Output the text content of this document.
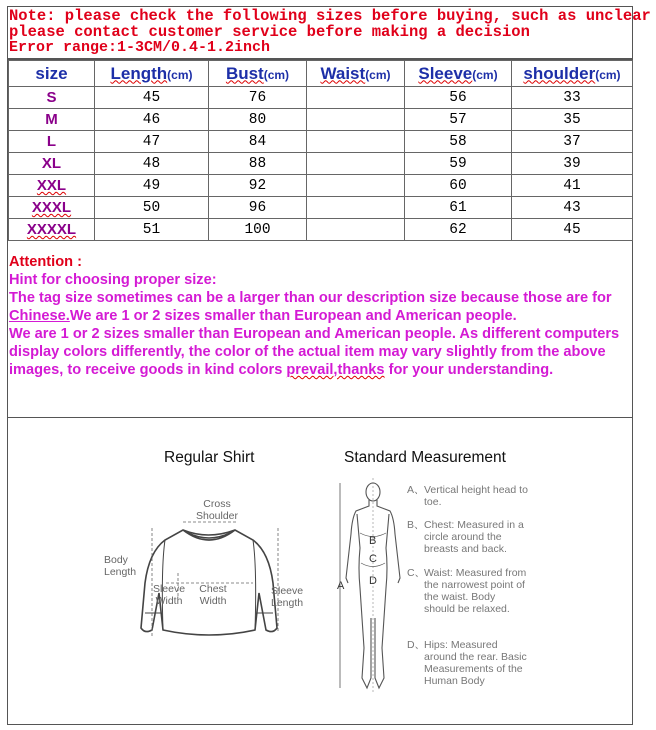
Note: please check the following sizes before buying, such as unclear
please contact customer service before making a decision
Error range:1-3CM/0.4-1.2inch
size	Length(cm)	Bust(cm)	Waist(cm)	Sleeve(cm)	shoulder(cm)
S	45	76		56	33
M	46	80		57	35
L	47	84		58	37
XL	48	88		59	39
XXL	49	92		60	41
XXXL	50	96		61	43
XXXXL	51	100		62	45
Attention :
Hint for choosing proper size:
The tag size sometimes can be a larger than our description size because those are for Chinese.We are 1 or 2 sizes smaller than European and American people.
We are 1 or 2 sizes smaller than European and American people. As different computers display colors differently, the color of the actual item may vary slightly from the above images, to receive goods in kind colors prevail,thanks for your understanding.
Regular Shirt	Standard Measurement
Cross Shoulder
Body Length
Sleeve Width
Chest Width
Sleeve Length
A
B
C
D
A、 Vertical height head to toe.
B、 Chest: Measured in a circle around the breasts and back.
C、
Waist: Measured from the narrowest point of the waist. Body should be relaxed.
D、
Hips: Measured around the rear. Basic Measurements of the Human Body
